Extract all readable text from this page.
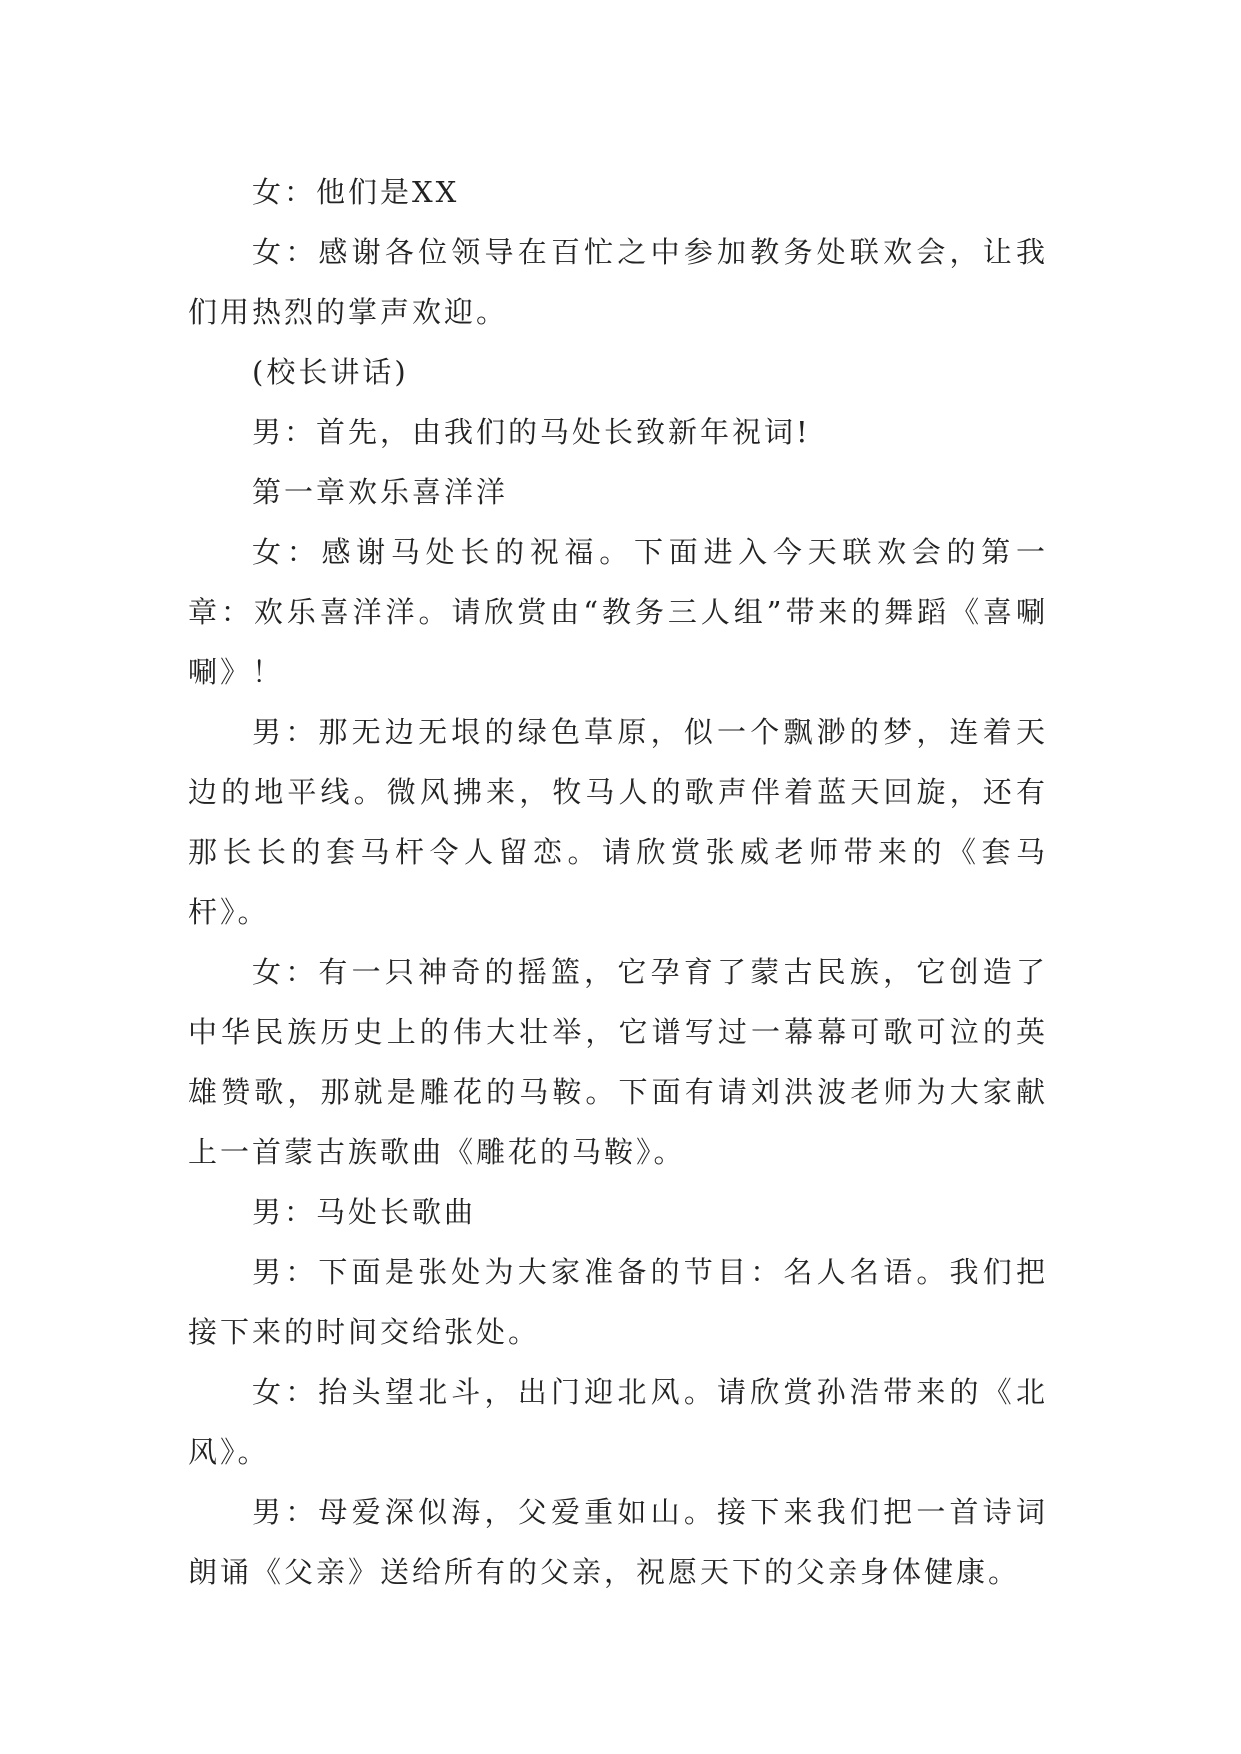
女：他们是XX

女：感谢各位领导在百忙之中参加教务处联欢会，让我们用热烈的掌声欢迎。

(校长讲话)

男：首先，由我们的马处长致新年祝词!

第一章欢乐喜洋洋

女：感谢马处长的祝福。下面进入今天联欢会的第一章：欢乐喜洋洋。请欣赏由“教务三人组”带来的舞蹈《喜唰唰》！

男：那无边无垠的绿色草原，似一个飘渺的梦，连着天边的地平线。微风拂来，牧马人的歌声伴着蓝天回旋，还有那长长的套马杆令人留恋。请欣赏张威老师带来的《套马杆》。

女：有一只神奇的摇篮，它孕育了蒙古民族，它创造了中华民族历史上的伟大壮举，它谱写过一幕幕可歌可泣的英雄赞歌，那就是雕花的马鞍。下面有请刘洪波老师为大家献上一首蒙古族歌曲《雕花的马鞍》。

男：马处长歌曲

男：下面是张处为大家准备的节目：名人名语。我们把接下来的时间交给张处。

女：抬头望北斗，出门迎北风。请欣赏孙浩带来的《北风》。

男：母爱深似海，父爱重如山。接下来我们把一首诗词朗诵《父亲》送给所有的父亲，祝愿天下的父亲身体健康。
